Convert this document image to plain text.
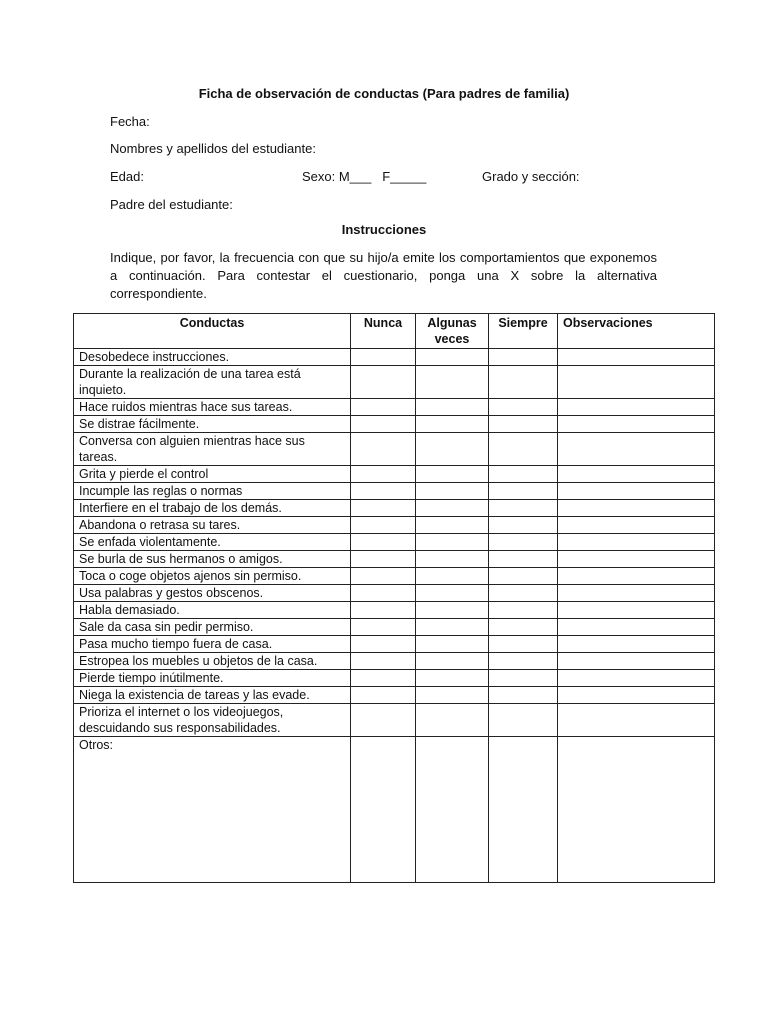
Ficha de observación de conductas (Para padres de familia)
Fecha:
Nombres y apellidos del estudiante:
Edad:	Sexo: M___   F_____	Grado y sección:
Padre del estudiante:
Instrucciones
Indique, por favor, la frecuencia con que su hijo/a emite los comportamientos que exponemos a continuación. Para contestar el cuestionario, ponga una X sobre la alternativa correspondiente.
Conductas	Nunca	Algunas veces	Siempre	Observaciones
Desobedece instrucciones.				
Durante la realización de una tarea está inquieto.				
Hace ruidos mientras hace sus tareas.				
Se distrae fácilmente.				
Conversa con alguien mientras hace sus tareas.				
Grita y pierde el control				
Incumple las reglas o normas				
Interfiere en el trabajo de los demás.				
Abandona o retrasa su tares.				
Se enfada violentamente.				
Se burla de sus hermanos o amigos.				
Toca o coge objetos ajenos sin permiso.				
Usa palabras y gestos obscenos.				
Habla demasiado.				
Sale da casa sin pedir permiso.				
Pasa mucho tiempo fuera de casa.				
Estropea los muebles u objetos de la casa.				
Pierde tiempo inútilmente.				
Niega la existencia de tareas y las evade.				
Prioriza el internet o los videojuegos, descuidando sus responsabilidades.				
Otros:				
